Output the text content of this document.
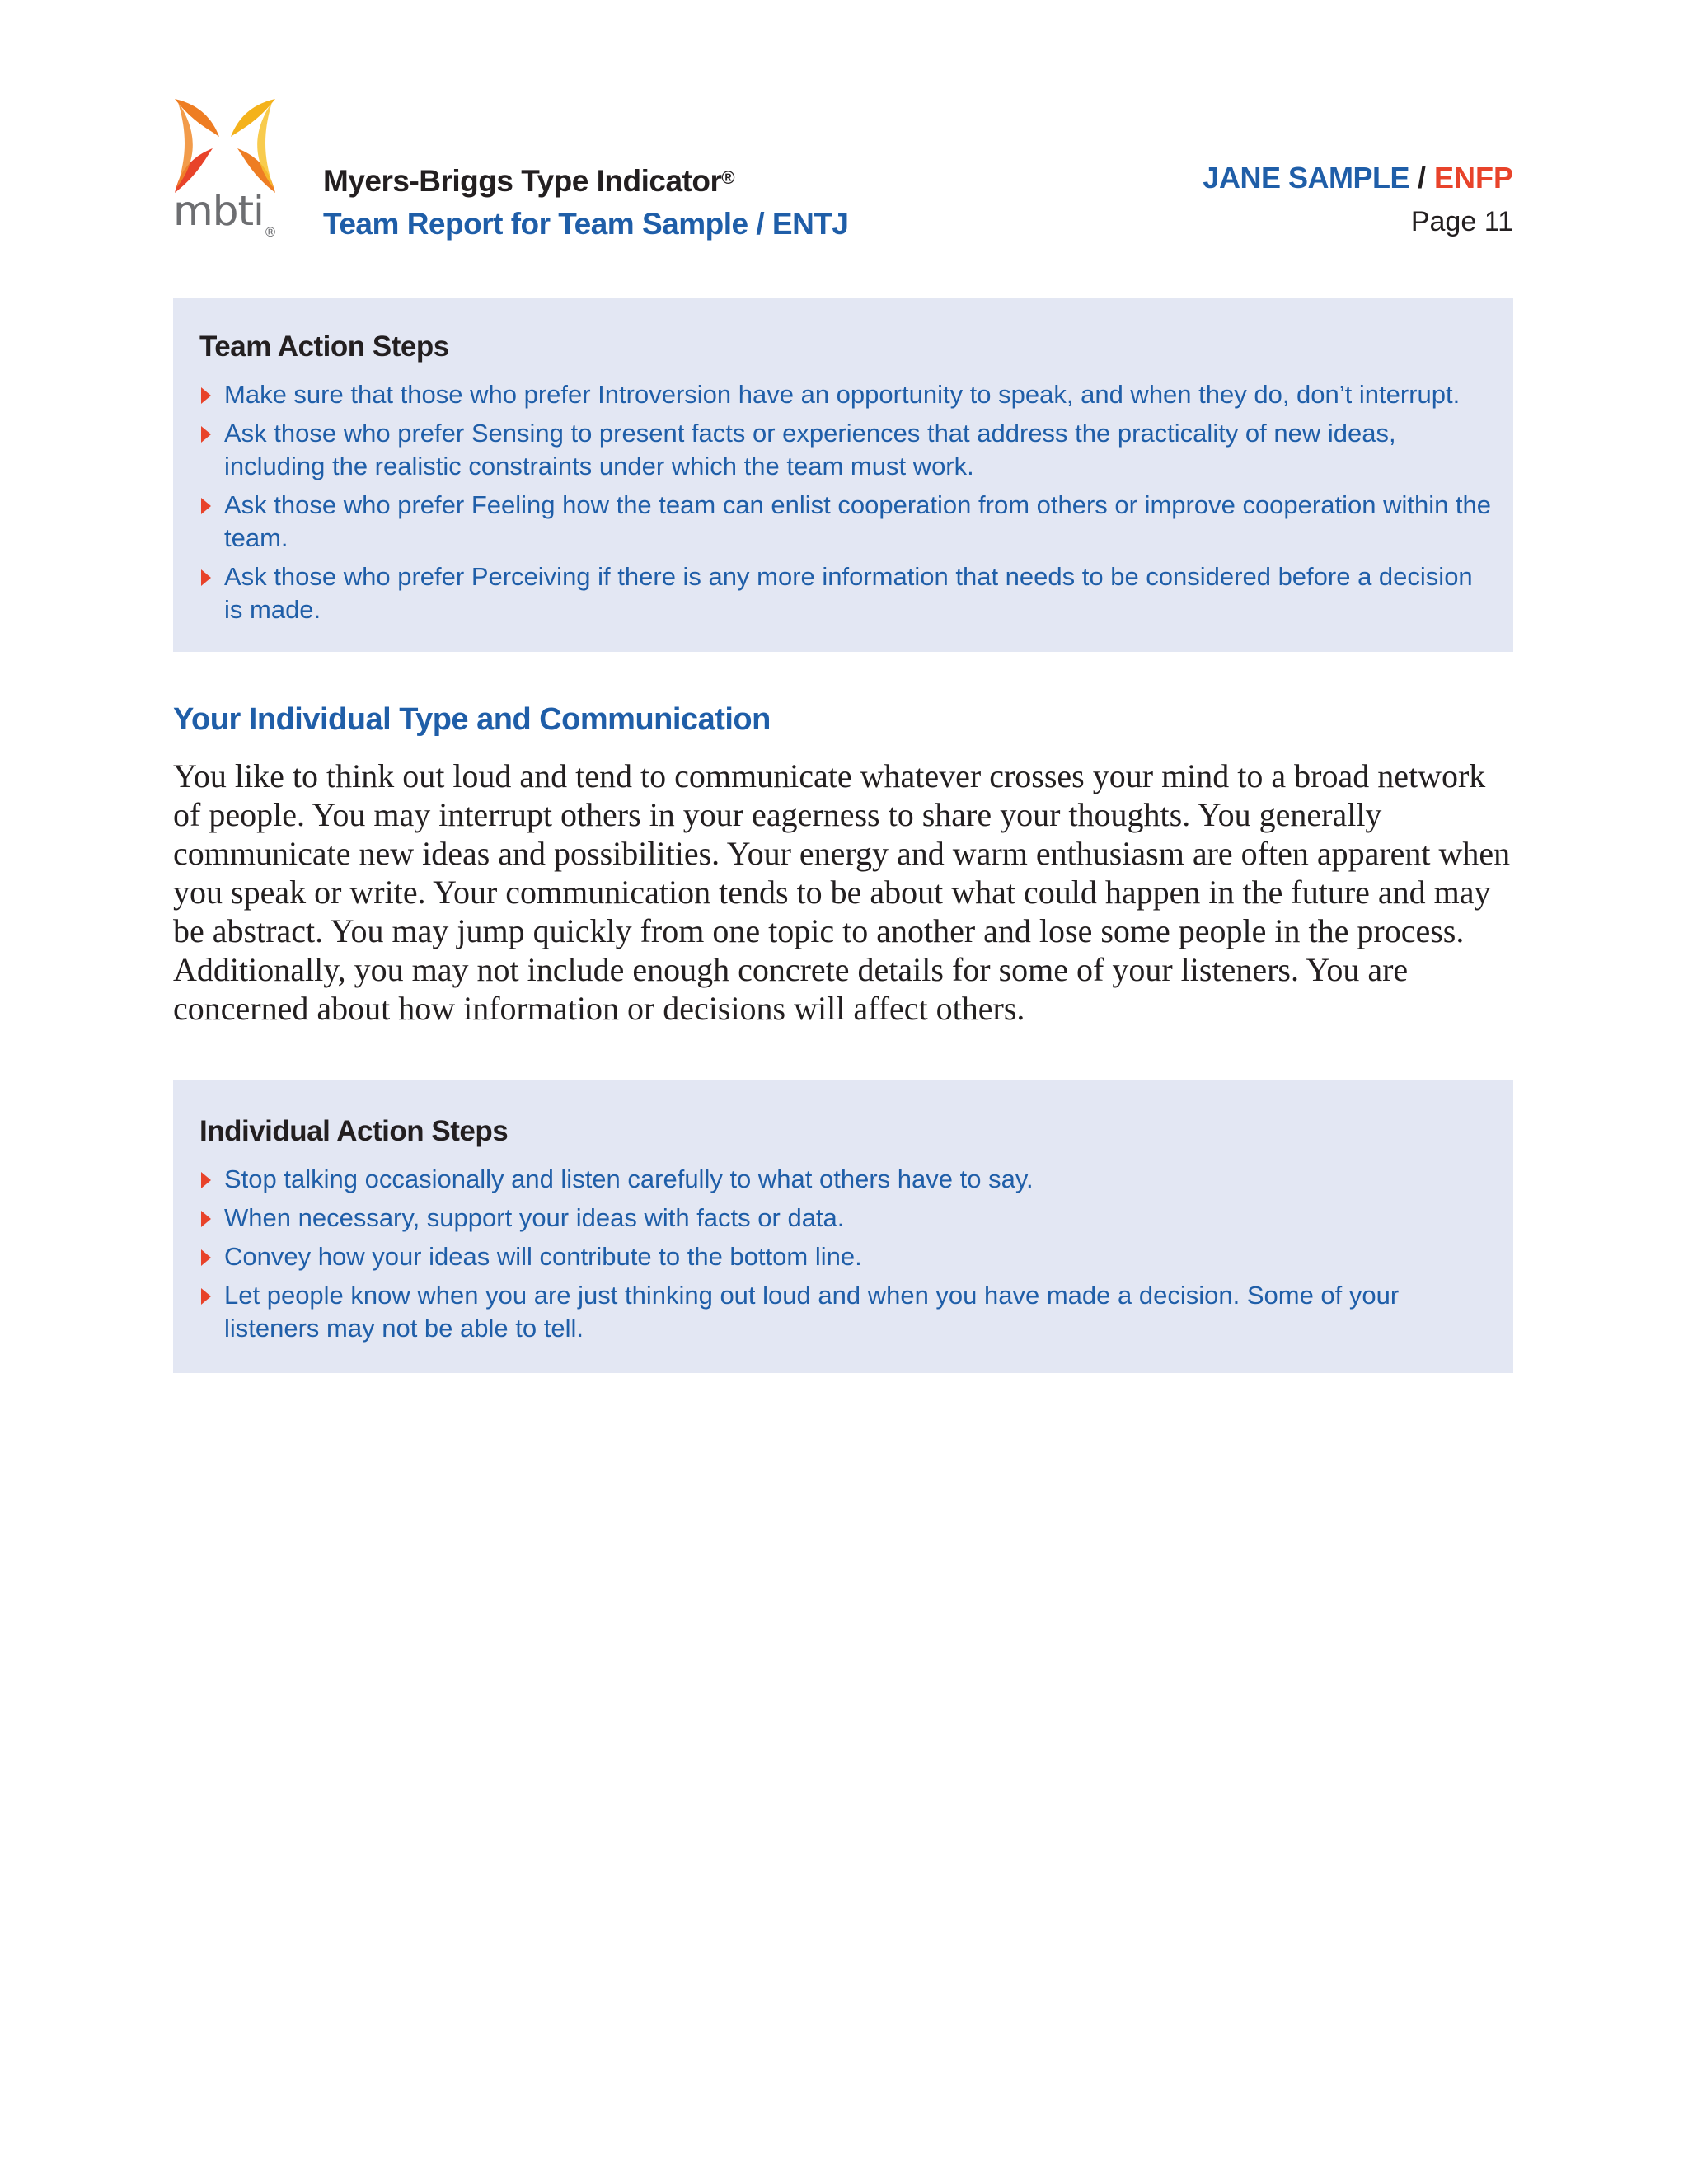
mbti®
Myers-Briggs Type Indicator®
Team Report for Team Sample / ENTJ
JANE SAMPLE / ENFP
Page 11
Team Action Steps
Make sure that those who prefer Introversion have an opportunity to speak, and when they do, don’t interrupt.
Ask those who prefer Sensing to present facts or experiences that address the practicality of new ideas, including the realistic constraints under which the team must work.
Ask those who prefer Feeling how the team can enlist cooperation from others or improve cooperation within the team.
Ask those who prefer Perceiving if there is any more information that needs to be considered before a decision is made.
Your Individual Type and Communication

You like to think out loud and tend to communicate whatever crosses your mind to a broad network of people. You may interrupt others in your eagerness to share your thoughts. You generally communicate new ideas and possibilities. Your energy and warm enthusiasm are often apparent when you speak or write. Your communication tends to be about what could happen in the future and may be abstract. You may jump quickly from one topic to another and lose some people in the process. Additionally, you may not include enough concrete details for some of your listeners. You are concerned about how information or decisions will affect others.

Individual Action Steps
Stop talking occasionally and listen carefully to what others have to say.
When necessary, support your ideas with facts or data.
Convey how your ideas will contribute to the bottom line.
Let people know when you are just thinking out loud and when you have made a decision. Some of your listeners may not be able to tell.
